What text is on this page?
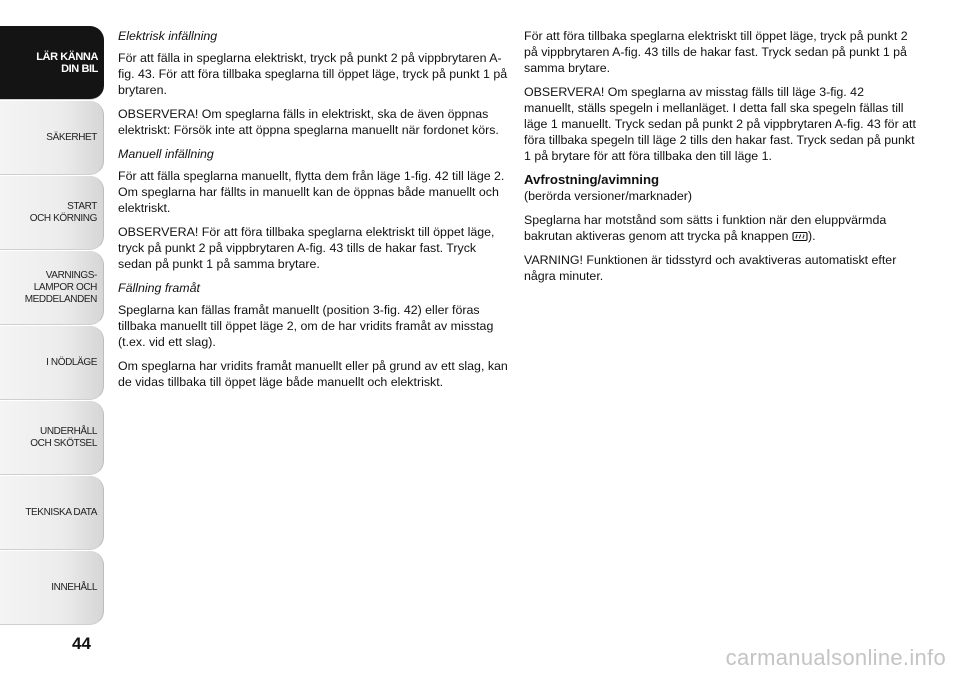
LÄR KÄNNA
DIN BIL
SÄKERHET
START
OCH KÖRNING
VARNINGS-
LAMPOR OCH
MEDDELANDEN
I NÖDLÄGE
UNDERHÅLL
OCH SKÖTSEL
TEKNISKA DATA
INNEHÅLL
44

Elektrisk infällning

För att fälla in speglarna elektriskt, tryck på punkt 2 på vippbrytaren A-fig. 43. För att föra tillbaka speglarna till öppet läge, tryck på punkt 1 på brytaren.

OBSERVERA! Om speglarna fälls in elektriskt, ska de även öppnas elektriskt: Försök inte att öppna speglarna manuellt när fordonet körs.

Manuell infällning

För att fälla speglarna manuellt, flytta dem från läge 1-fig. 42 till läge 2. Om speglarna har fällts in manuellt kan de öppnas både manuellt och elektriskt.

OBSERVERA! För att föra tillbaka speglarna elektriskt till öppet läge, tryck på punkt 2 på vippbrytaren A-fig. 43 tills de hakar fast. Tryck sedan på punkt 1 på samma brytare.

Fällning framåt

Speglarna kan fällas framåt manuellt (position 3-fig. 42) eller föras tillbaka manuellt till öppet läge 2, om de har vridits framåt av misstag (t.ex. vid ett slag).

Om speglarna har vridits framåt manuellt eller på grund av ett slag, kan de vidas tillbaka till öppet läge både manuellt och elektriskt.

För att föra tillbaka speglarna elektriskt till öppet läge, tryck på punkt 2 på vippbrytaren A-fig. 43 tills de hakar fast. Tryck sedan på punkt 1 på samma brytare.

OBSERVERA! Om speglarna av misstag fälls till läge 3-fig. 42 manuellt, ställs spegeln i mellanläget. I detta fall ska spegeln fällas till läge 1 manuellt. Tryck sedan på punkt 2 på vippbrytaren A-fig. 43 för att föra tillbaka spegeln till läge 2 tills den hakar fast. Tryck sedan på punkt 1 på brytare för att föra tillbaka den till läge 1.

Avfrostning/avimning

(berörda versioner/marknader)

Speglarna har motstånd som sätts i funktion när den eluppvärmda bakrutan aktiveras genom att trycka på knappen ).

VARNING! Funktionen är tidsstyrd och avaktiveras automatiskt efter några minuter.

carmanualsonline.info
